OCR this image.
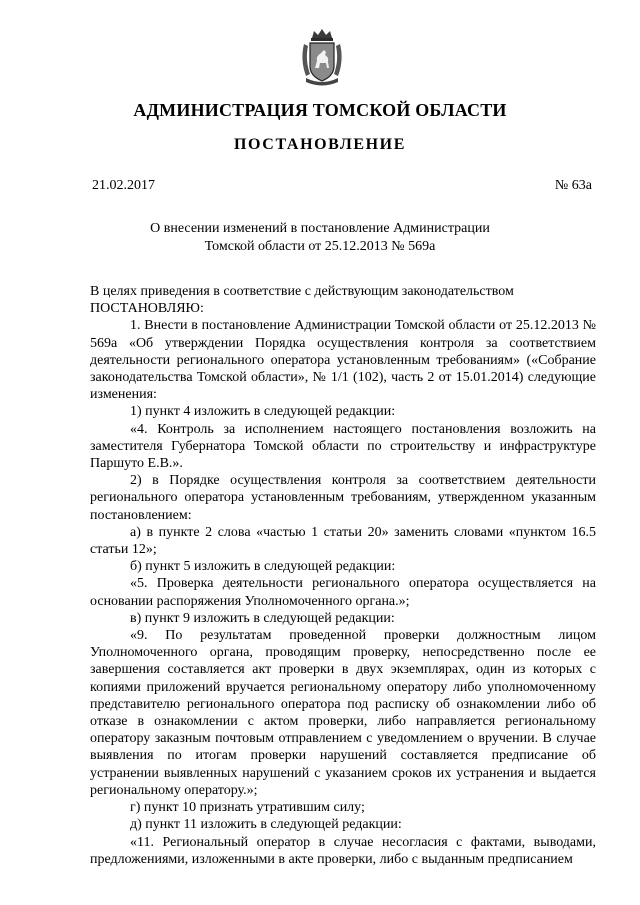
АДМИНИСТРАЦИЯ ТОМСКОЙ ОБЛАСТИ
ПОСТАНОВЛЕНИЕ
21.02.2017	№ 63а
О внесении изменений в постановление Администрации
Томской области от 25.12.2013 № 569а

В целях приведения в соответствие с действующим законодательством

ПОСТАНОВЛЯЮ:

1. Внести в постановление Администрации Томской области от 25.12.2013 № 569а «Об утверждении Порядка осуществления контроля за соответствием деятельности регионального оператора установленным требованиям» («Собрание законодательства Томской области», № 1/1 (102), часть 2 от 15.01.2014) следующие изменения:

1) пункт 4 изложить в следующей редакции:

«4. Контроль за исполнением настоящего постановления возложить на заместителя Губернатора Томской области по строительству и инфраструктуре Паршуто Е.В.».

2) в Порядке осуществления контроля за соответствием деятельности регионального оператора установленным требованиям, утвержденном указанным постановлением:

а) в пункте 2 слова «частью 1 статьи 20» заменить словами «пунктом 16.5 статьи 12»;

б) пункт 5 изложить в следующей редакции:

«5. Проверка деятельности регионального оператора осуществляется на основании распоряжения Уполномоченного органа.»;

в) пункт 9 изложить в следующей редакции:

«9. По результатам проведенной проверки должностным лицом Уполномоченного органа, проводящим проверку, непосредственно после ее завершения составляется акт проверки в двух экземплярах, один из которых с копиями приложений вручается региональному оператору либо уполномоченному представителю регионального оператора под расписку об ознакомлении либо об отказе в ознакомлении с актом проверки, либо направляется региональному оператору заказным почтовым отправлением с уведомлением о вручении. В случае выявления по итогам проверки нарушений составляется предписание об устранении выявленных нарушений с указанием сроков их устранения и выдается региональному оператору.»;

г) пункт 10 признать утратившим силу;

д) пункт 11 изложить в следующей редакции:

«11. Региональный оператор в случае несогласия с фактами, выводами, предложениями, изложенными в акте проверки, либо с выданным предписанием
